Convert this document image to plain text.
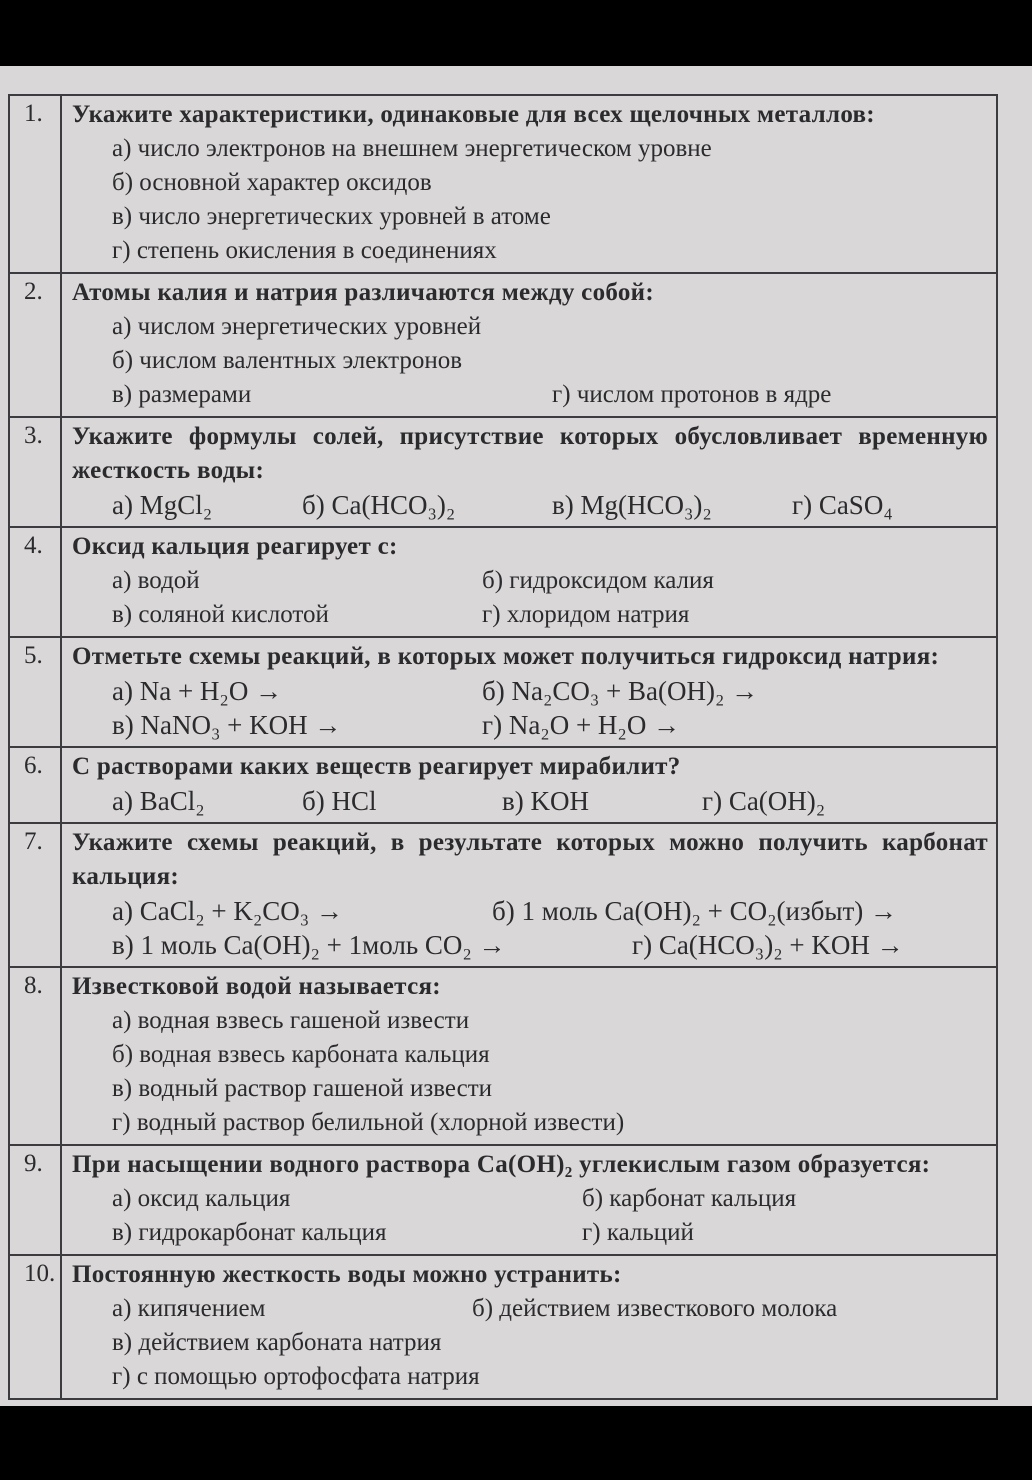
1.	Укажите характеристики, одинаковые для всех щелочных металлов:
а) число электронов на внешнем энергетическом уровне
б) основной характер оксидов
в) число энергетических уровней в атоме
г) степень окисления в соединениях

2.	Атомы калия и натрия различаются между собой:
а) числом энергетических уровней
б) числом валентных электронов
в) размерами г) числом протонов в ядре

3.	Укажите формулы солей, присутствие которых обусловливает временную жесткость воды:
а) MgCl₂ б) Ca(HCO₃)₂ в) Mg(HCO₃)₂ г) CaSO₄

4.	Оксид кальция реагирует с:
а) водой б) гидроксидом калия
в) соляной кислотой г) хлоридом натрия

5.	Отметьте схемы реакций, в которых может получиться гидроксид натрия:
а) Na + H₂O → б) Na₂CO₃ + Ba(OH)₂ →
в) NaNO₃ + KOH → г) Na₂O + H₂O →

6.	С растворами каких веществ реагирует мирабилит?
а) BaCl₂ б) HCl в) KOH г) Ca(OH)₂

7.	Укажите схемы реакций, в результате которых можно получить карбонат кальция:
а) CaCl₂ + K₂CO₃ → б) 1 моль Ca(OH)₂ + CO₂(избыт) →
в) 1 моль Ca(OH)₂ + 1моль CO₂ → г) Ca(HCO₃)₂ + KOH →

8.	Известковой водой называется:
а) водная взвесь гашеной извести
б) водная взвесь карбоната кальция
в) водный раствор гашеной извести
г) водный раствор белильной (хлорной извести)

9.	При насыщении водного раствора Ca(OH)₂ углекислым газом образуется:
а) оксид кальция б) карбонат кальция
в) гидрокарбонат кальция г) кальций

10.	Постоянную жесткость воды можно устранить:
а) кипячением б) действием известкового молока
в) действием карбоната натрия
г) с помощью ортофосфата натрия
